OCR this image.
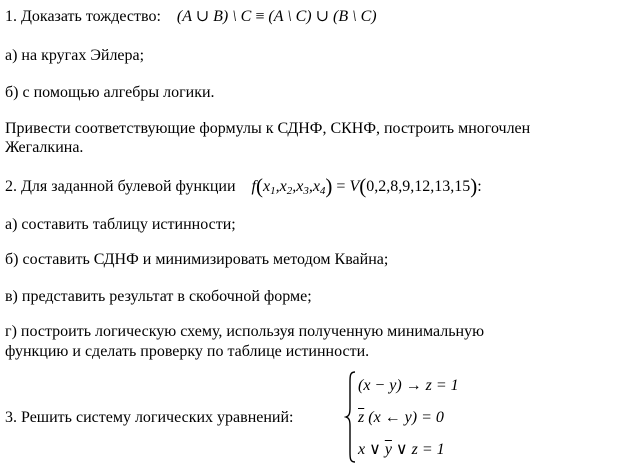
1. Доказать тождество: (A ∪ B) \ C ≡ (A \ C) ∪ (B \ C)
а) на кругах Эйлера;
б) с помощью алгебры логики.
Привести соответствующие формулы к СДНФ, СКНФ, построить многочлен
Жегалкина.
2. Для заданной булевой функции $f(x_1,x_2,x_3,x_4) = V(0,2,8,9,12,13,15)$:
а) составить таблицу истинности;
б) составить СДНФ и минимизировать методом Квайна;
в) представить результат в скобочной форме;
г) построить логическую схему, используя полученную минимальную
функцию и сделать проверку по таблице истинности.
3. Решить систему логических уравнений:
(x − y) → z = 1
$\overline{z}$ (x ← y) = 0
x ∨ $\overline{y}$ ∨ z = 1
